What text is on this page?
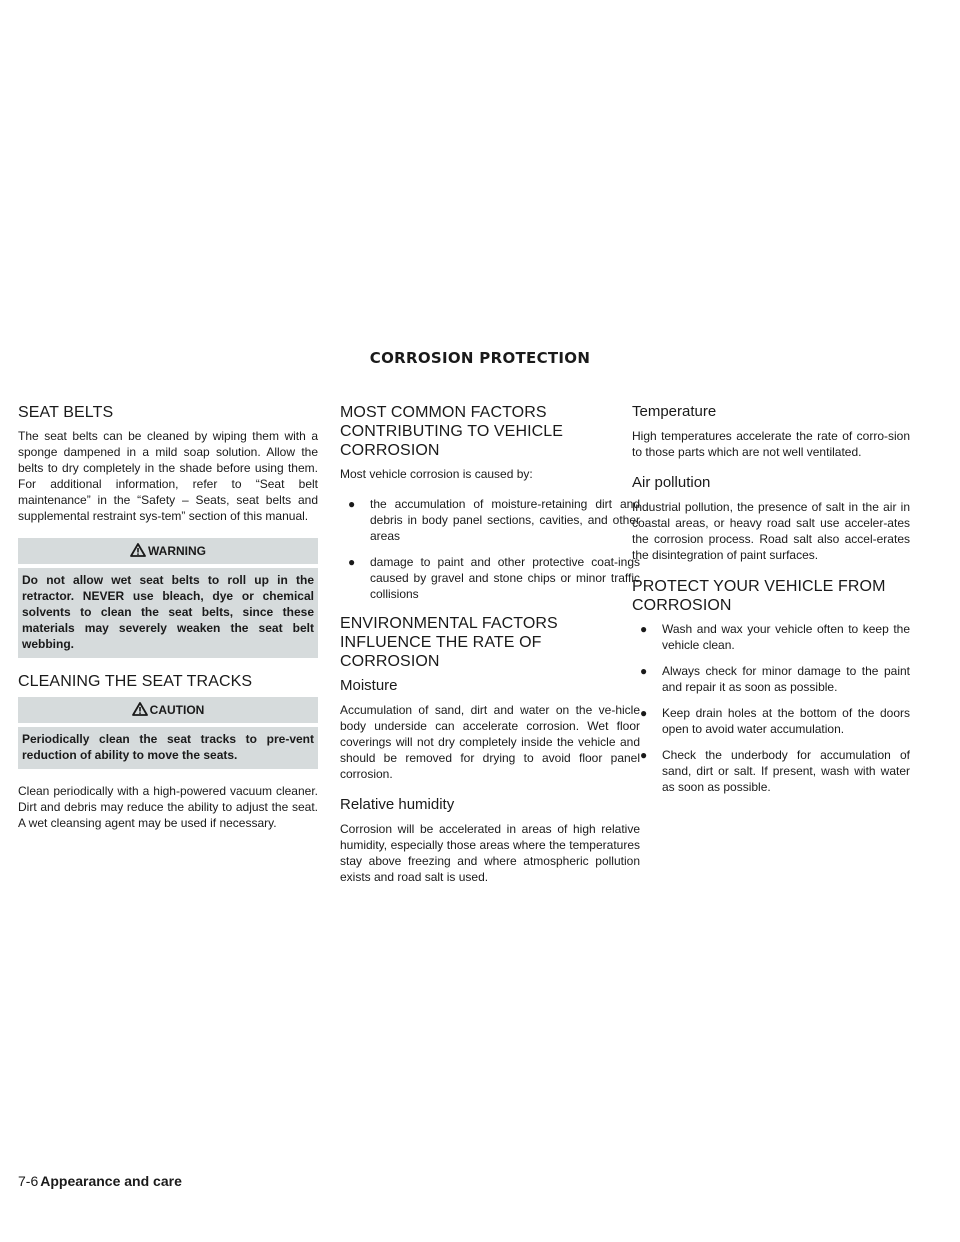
CORROSION PROTECTION
SEAT BELTS

The seat belts can be cleaned by wiping them with a sponge dampened in a mild soap solution. Allow the belts to dry completely in the shade before using them. For additional information, refer to “Seat belt maintenance” in the “Safety – Seats, seat belts and supplemental restraint sys-tem” section of this manual.

WARNING
Do not allow wet seat belts to roll up in the retractor. NEVER use bleach, dye or chemical solvents to clean the seat belts, since these materials may severely weaken the seat belt webbing.
CLEANING THE SEAT TRACKS
CAUTION
Periodically clean the seat tracks to pre-vent reduction of ability to move the seats.

Clean periodically with a high-powered vacuum cleaner. Dirt and debris may reduce the ability to adjust the seat. A wet cleansing agent may be used if necessary.

MOST COMMON FACTORS CONTRIBUTING TO VEHICLE CORROSION

Most vehicle corrosion is caused by:

● the accumulation of moisture-retaining dirt and debris in body panel sections, cavities, and other areas
● damage to paint and other protective coat-ings caused by gravel and stone chips or minor traffic collisions
ENVIRONMENTAL FACTORS INFLUENCE THE RATE OF CORROSION
Moisture

Accumulation of sand, dirt and water on the ve-hicle body underside can accelerate corrosion. Wet floor coverings will not dry completely inside the vehicle and should be removed for drying to avoid floor panel corrosion.

Relative humidity

Corrosion will be accelerated in areas of high relative humidity, especially those areas where the temperatures stay above freezing and where atmospheric pollution exists and road salt is used.

Temperature

High temperatures accelerate the rate of corro-sion to those parts which are not well ventilated.

Air pollution

Industrial pollution, the presence of salt in the air in coastal areas, or heavy road salt use acceler-ates the corrosion process. Road salt also accel-erates the disintegration of paint surfaces.

PROTECT YOUR VEHICLE FROM CORROSION
● Wash and wax your vehicle often to keep the vehicle clean.
● Always check for minor damage to the paint and repair it as soon as possible.
● Keep drain holes at the bottom of the doors open to avoid water accumulation.
● Check the underbody for accumulation of sand, dirt or salt. If present, wash with water as soon as possible.
7-6 Appearance and care
